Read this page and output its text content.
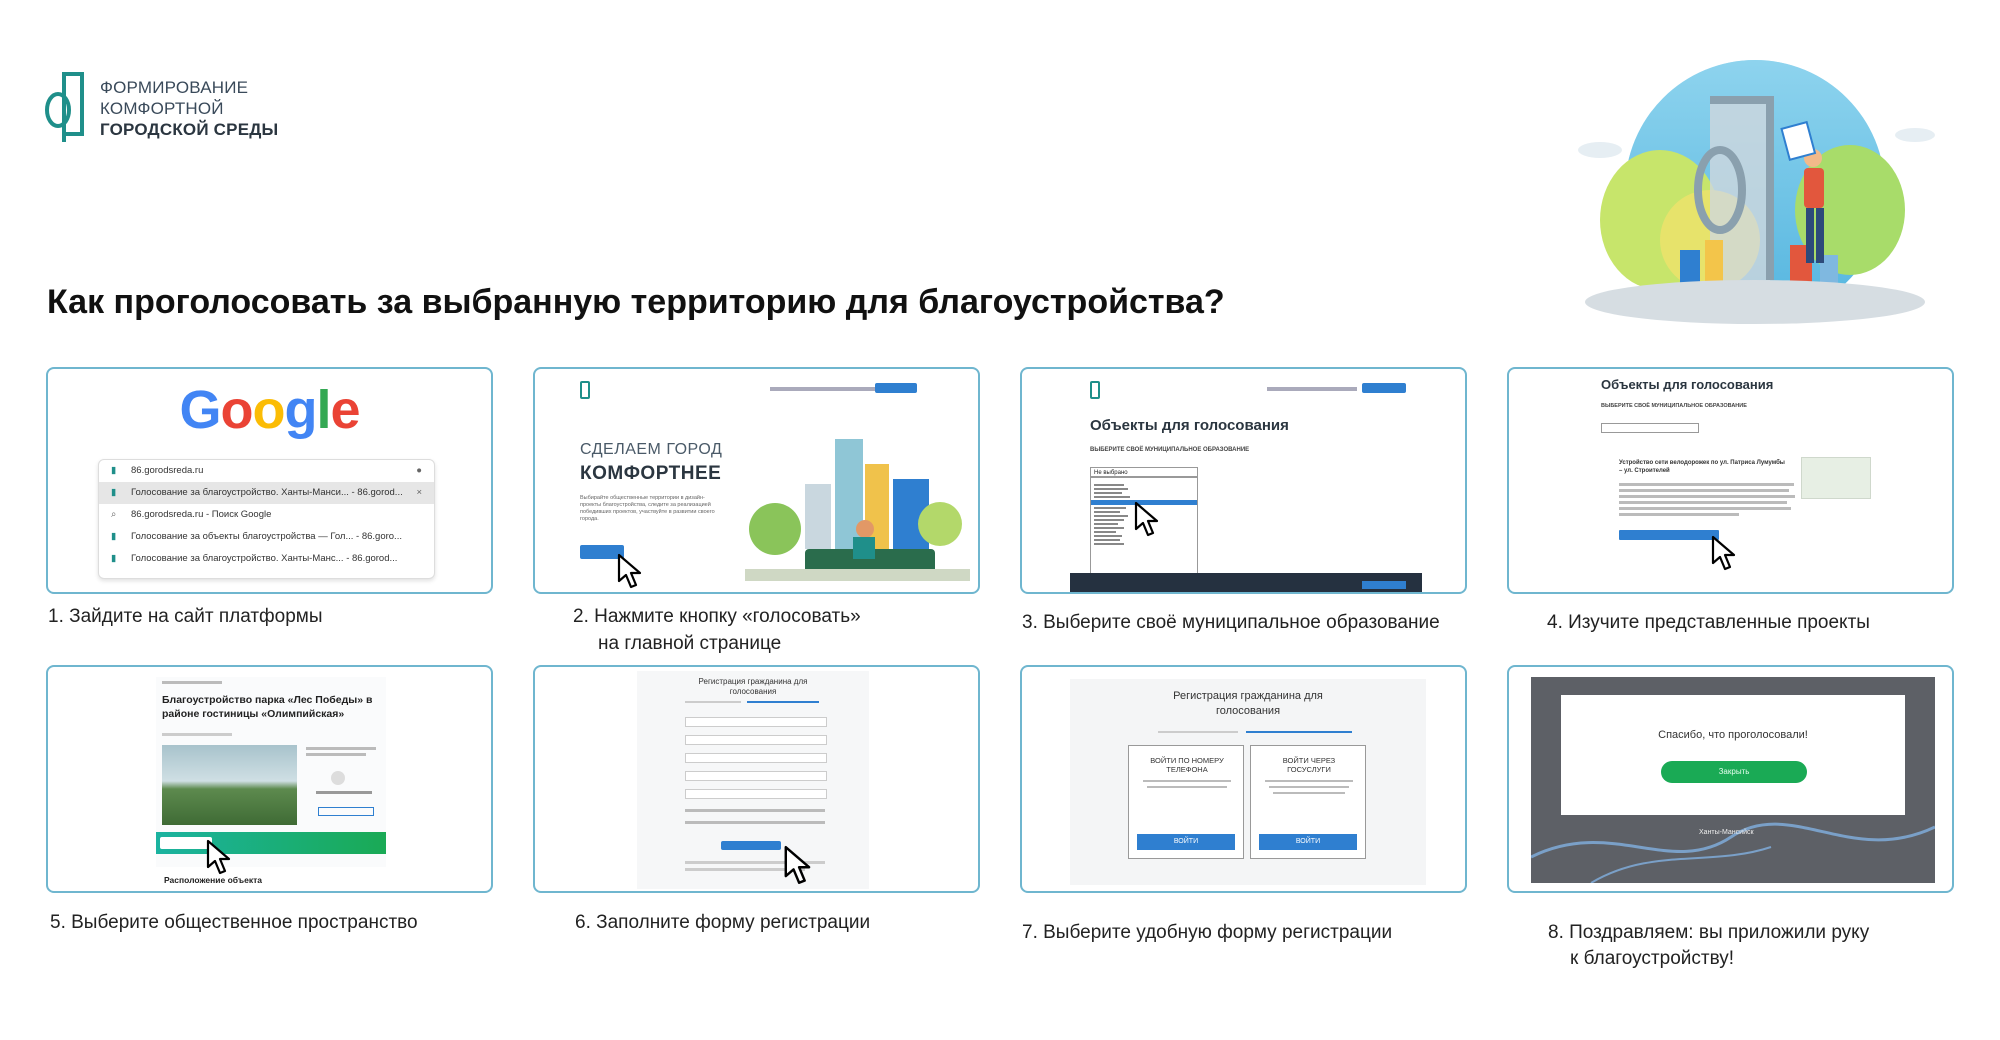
ФОРМИРОВАНИЕ
КОМФОРТНОЙ
ГОРОДСКОЙ СРЕДЫ
Как проголосовать за выбранную территорию для благоустройства?
Google
▮ 86.gorodsreda.ru	●
▮ Голосование за благоустройство. Ханты-Манси... - 86.gorod... ×
⌕ 86.gorodsreda.ru - Поиск Google
▮ Голосование за объекты благоустройства — Гол... - 86.goro...
▮ Голосование за благоустройство. Ханты-Манс... - 86.gorod...
1. Зайдите на сайт платформы
СДЕЛАЕМ ГОРОД
КОМФОРТНЕЕ
Выбирайте общественные территории в дизайн-проекты благоустройства, следите за реализацией победивших проектов, участвуйте в развитии своего города.
2. Нажмите кнопку «голосовать»
на главной странице
Объекты для голосования
ВЫБЕРИТЕ СВОЁ МУНИЦИПАЛЬНОЕ ОБРАЗОВАНИЕ
Не выбрано
3. Выберите своё муниципальное образование
Объекты для голосования
ВЫБЕРИТЕ СВОЁ МУНИЦИПАЛЬНОЕ ОБРАЗОВАНИЕ
Устройство сети велодорожек по ул. Патриса Лумумбы – ул. Строителей
4. Изучите представленные проекты
Благоустройство парка «Лес Победы» в районе гостиницы «Олимпийская»
Расположение объекта
5. Выберите общественное пространство
Регистрация гражданина для голосования
6. Заполните форму регистрации
Регистрация гражданина для голосования
ВОЙТИ ПО НОМЕРУ ТЕЛЕФОНА
ВОЙТИ
ВОЙТИ ЧЕРЕЗ ГОСУСЛУГИ
ВОЙТИ
7. Выберите удобную форму регистрации
Ханты-Мансийск
Спасибо, что проголосовали!
Закрыть
8. Поздравляем: вы приложили руку
к благоустройству!
